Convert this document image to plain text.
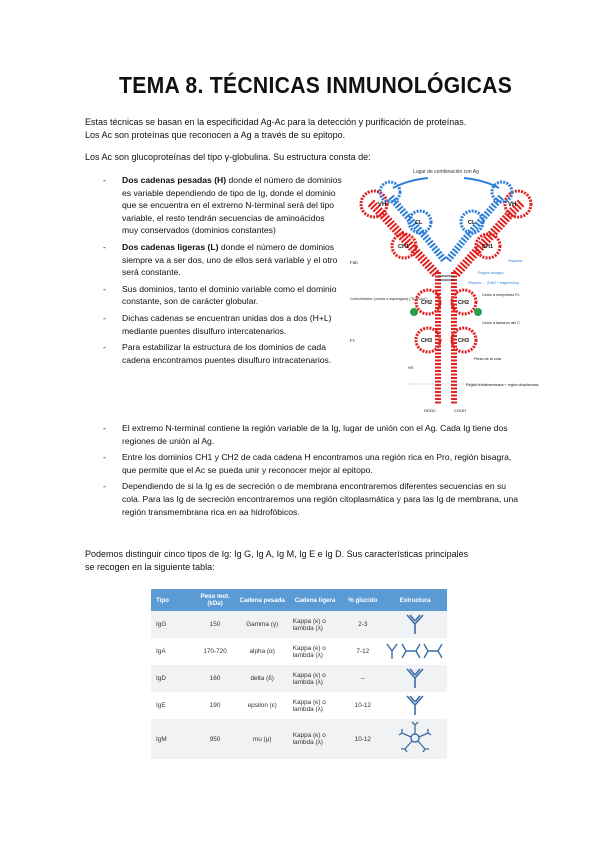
TEMA 8. TÉCNICAS INMUNOLÓGICAS
Estas técnicas se basan en la especificidad Ag-Ac para la detección y purificación de proteínas.
Los Ac son proteínas que reconocen a Ag a través de su epitopo.
Los Ac son glucoproteínas del tipo γ-globulina. Su estructura consta de:
- Dos cadenas pesadas (H) donde el número de dominios es variable dependiendo de tipo de Ig, donde el dominio que se encuentra en el extremo N-terminal será del tipo variable, el resto tendrán secuencias de aminoácidos muy conservados (dominios constantes)
- Dos cadenas ligeras (L) donde el número de dominios siempre va a ser dos, uno de ellos será variable y el otro será constante.
- Sus dominios, tanto el dominio variable como el dominio constante, son de carácter globular.
- Dichas cadenas se encuentran unidas dos a dos (H+L) mediante puentes disulfuro intercatenarios.
- Para estabilizar la estructura de los dominios de cada cadena encontramos puentes disulfuro intracatenarios.
Lugar de combinación con Ag
VH	VH
VL	VL
CL	CL
CH1	CH1
CH2	CH2
CH3	CH3
Fab
Fc
Carbohidratos (unidos a asparagina) ("N-linked")
Región bisagra
Papaína
Pepsina → (Fab2 + fragmentos)
Unión a receptores Fc
Unión a factores del C'
Pieza de la cola
Región transmembrana + región citoplasmica
HS
HOOC	COOH
- El extremo N-terminal contiene la región variable de la Ig, lugar de unión con el Ag. Cada Ig tiene dos regiones de unión al Ag.
- Entre los dominios CH1 y CH2 de cada cadena H encontramos una región rica en Pro, región bisagra, que permite que el Ac se pueda unir y reconocer mejor al epitopo.
- Dependiendo de si la Ig es de secreción o de membrana encontraremos diferentes secuencias en su cola. Para las Ig de secreción encontraremos una región citoplasmática y para las Ig de membrana, una región transmembrana rica en aa hidrofóbicos.
Podemos distinguir cinco tipos de Ig: Ig G, Ig A, Ig M, Ig E e Ig D. Sus características principales
se recogen en la siguiente tabla:
Tipo	Peso mol. (kDa)	Cadena pesada	Cadena ligera	% glúcido	Estructura
IgG	150	Gamma (γ)	Kappa (κ) o lambda (λ)	2-3	
IgA	170-720	alpha (α)	Kappa (κ) o lambda (λ)	7-12	
IgD	160	delta (δ)	Kappa (κ) o lambda (λ)	--	
IgE	190	epsilon (ε)	Kappa (κ) o lambda (λ)	10-12	
IgM	950	mu (μ)	Kappa (κ) o lambda (λ)	10-12	
